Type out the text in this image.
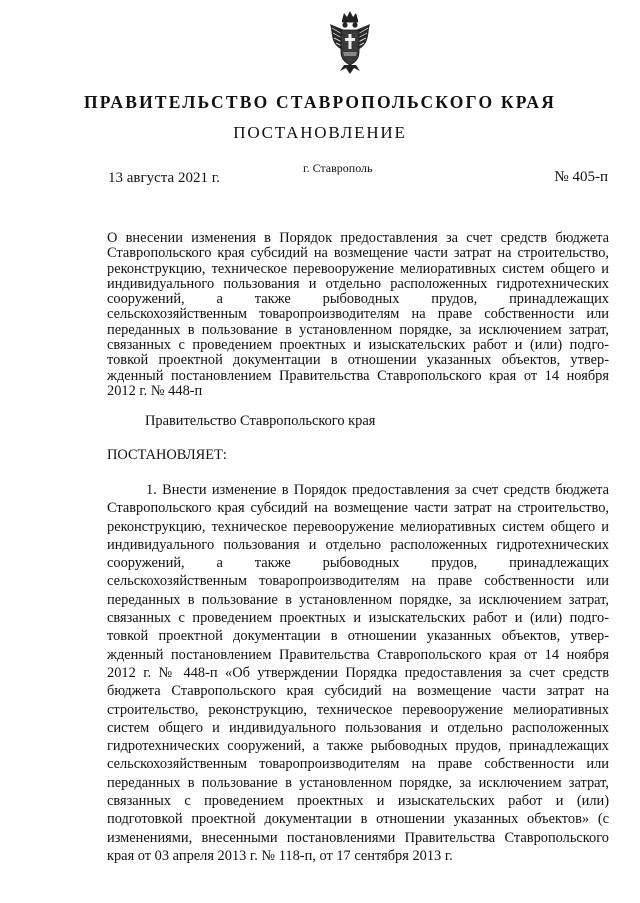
ПРАВИТЕЛЬСТВО СТАВРОПОЛЬСКОГО КРАЯ
ПОСТАНОВЛЕНИЕ
13 августа 2021 г.
г. Ставрополь
№ 405-п
О внесении изменения в Порядок предоставления за счет средств бюджета Ставропольского края субсидий на возмещение части затрат на строительство, реконструкцию, техническое перевооружение мелиоративных систем общего и индивидуального пользования и отдельно расположенных гидротехнических сооружений, а также рыбоводных прудов, принадлежащих сельскохозяйственным товаропроизводителям на праве собственности или переданных в пользование в установленном порядке, за исключением затрат, связанных с проведением проектных и изыскательских работ и (или) подготовкой проектной документации в отношении указанных объектов, утвержденный постановлением Правительства Ставропольского края от 14 ноября 2012 г. № 448-п
Правительство Ставропольского края
ПОСТАНОВЛЯЕТ:
1. Внести изменение в Порядок предоставления за счет средств бюджета Ставропольского края субсидий на возмещение части затрат на строительство, реконструкцию, техническое перевооружение мелиоративных систем общего и индивидуального пользования и отдельно расположенных гидротехнических сооружений, а также рыбоводных прудов, принадлежащих сельскохозяйственным товаропроизводителям на праве собственности или переданных в пользование в установленном порядке, за исключением затрат, связанных с проведением проектных и изыскательских работ и (или) подготовкой проектной документации в отношении указанных объектов, утвержденный постановлением Правительства Ставропольского края от 14 ноября 2012 г. № 448-п «Об утверждении Порядка предоставления за счет средств бюджета Ставропольского края субсидий на возмещение части затрат на строительство, реконструкцию, техническое перевооружение мелиоративных систем общего и индивидуального пользования и отдельно расположенных гидротехнических сооружений, а также рыбоводных прудов, принадлежащих сельскохозяйственным товаропроизводителям на праве собственности или переданных в пользование в установленном порядке, за исключением затрат, связанных с проведением проектных и изыскательских работ и (или) подготовкой проектной документации в отношении указанных объектов» (с изменениями, внесенными постановлениями Правительства Ставропольского края от 03 апреля 2013 г. № 118-п, от 17 сентября 2013 г.
